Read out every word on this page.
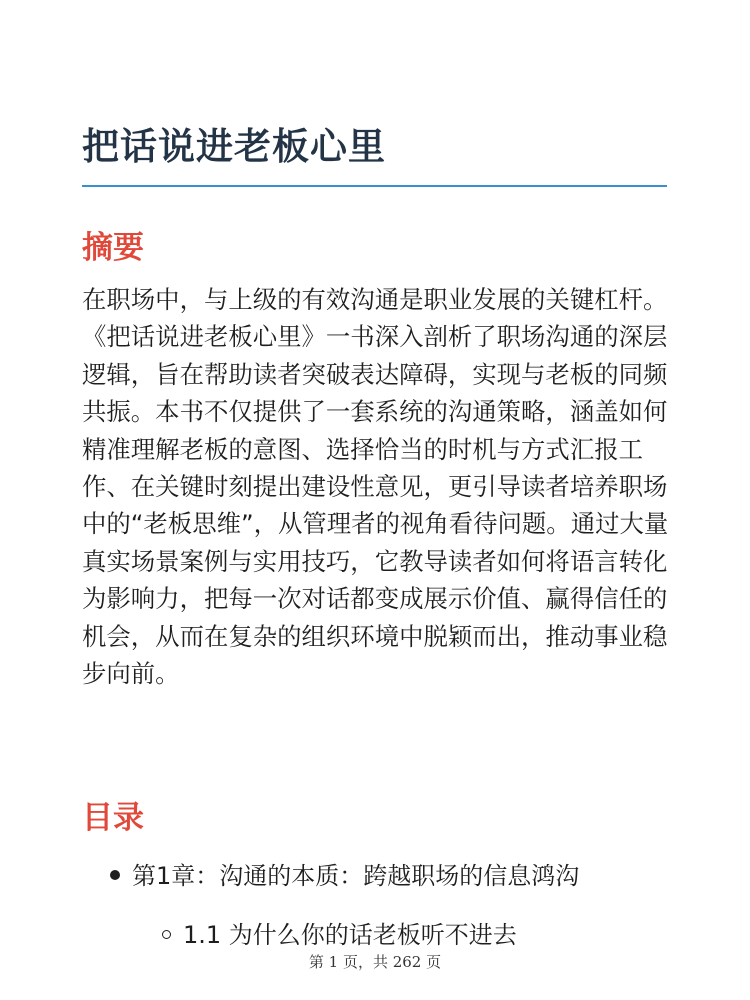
把话说进老板心里
摘要
在职场中，与上级的有效沟通是职业发展的关键杠杆。《把话说进老板心里》一书深入剖析了职场沟通的深层逻辑，旨在帮助读者突破表达障碍，实现与老板的同频共振。本书不仅提供了一套系统的沟通策略，涵盖如何精准理解老板的意图、选择恰当的时机与方式汇报工作、在关键时刻提出建设性意见，更引导读者培养职场中的“老板思维”，从管理者的视角看待问题。通过大量真实场景案例与实用技巧，它教导读者如何将语言转化为影响力，把每一次对话都变成展示价值、赢得信任的机会，从而在复杂的组织环境中脱颖而出，推动事业稳步向前。
目录
第1章：沟通的本质：跨越职场的信息鸿沟
1.1 为什么你的话老板听不进去
第 1 页，共 262 页
